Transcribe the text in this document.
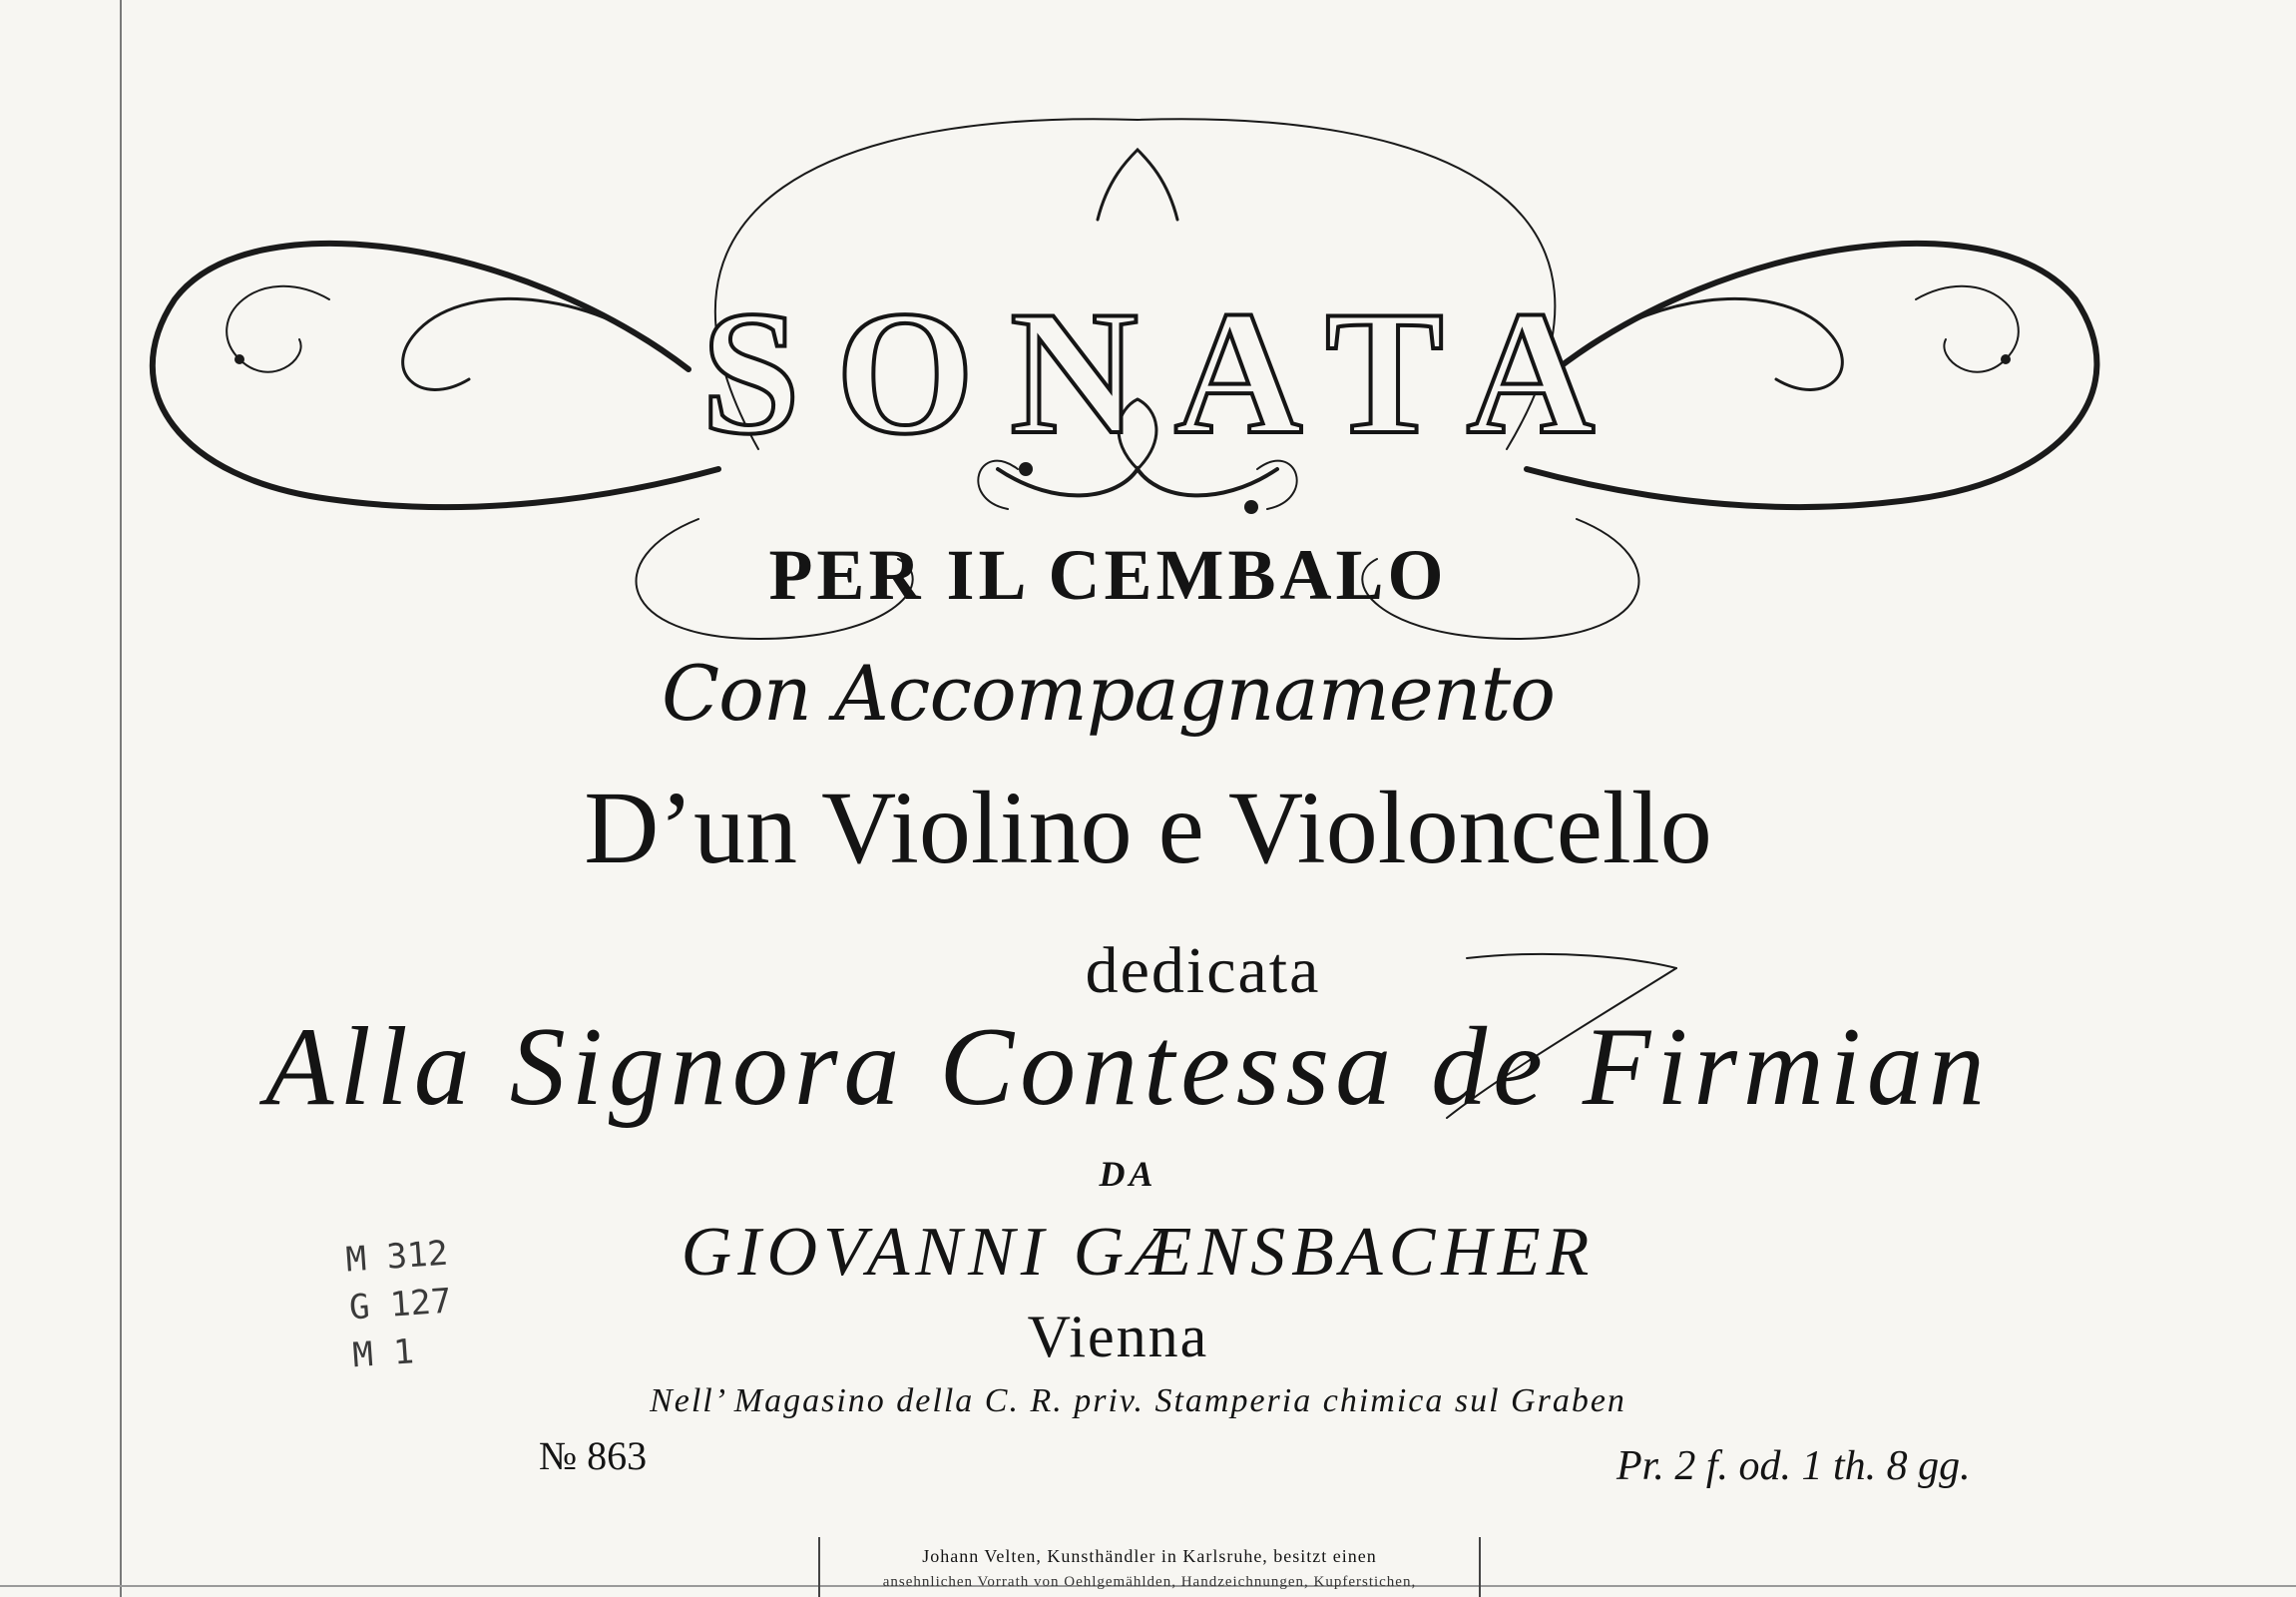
SONATA
PER IL CEMBALO
Con Accompagnamento
D’un Violino e Violoncello
dedicata
Alla Signora Contessa de Firmian
DA
GIOVANNI GÆNSBACHER
Vienna
Nell’ Magasino della C. R. priv. Stamperia chimica sul Graben
№ 863	Pr. 2 f. od. 1 th. 8 gg.
M 312
G 127
M 1
Johann Velten, Kunsthändler in Karlsruhe, besitzt einen
ansehnlichen Vorrath von Oehlgemählden, Handzeichnungen, Kupferstichen,
